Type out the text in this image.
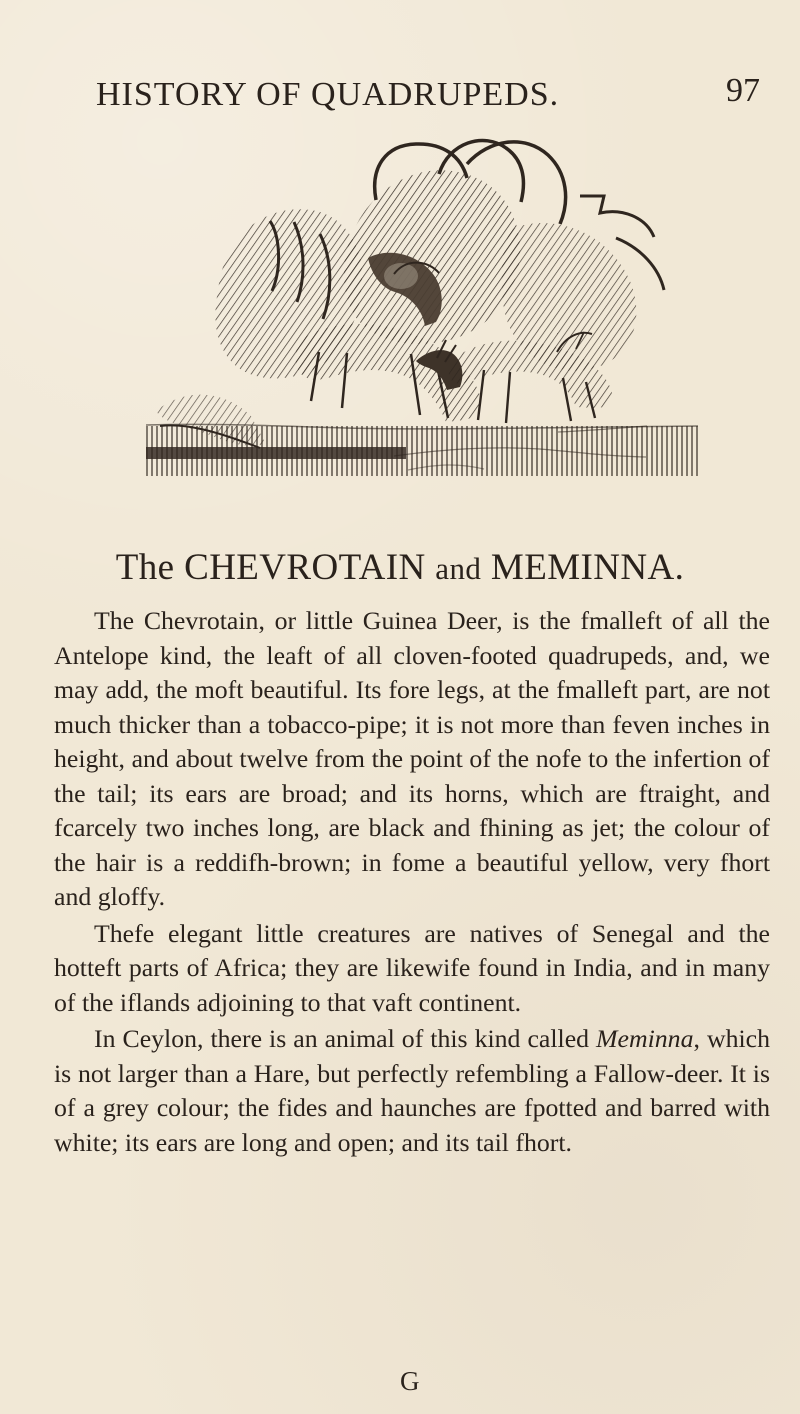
HISTORY OF QUADRUPEDS.	97
The CHEVROTAIN and MEMINNA.

The Chevrotain, or little Guinea Deer, is the fmalleft of all the Antelope kind, the leaft of all cloven-footed quadrupeds, and, we may add, the moft beautiful. Its fore legs, at the fmalleft part, are not much thicker than a tobacco-pipe; it is not more than feven inches in height, and about twelve from the point of the nofe to the infertion of the tail; its ears are broad; and its horns, which are ftraight, and fcarcely two inches long, are black and fhining as jet; the colour of the hair is a reddifh-brown; in fome a beautiful yellow, very fhort and gloffy.

Thefe elegant little creatures are natives of Senegal and the hotteft parts of Africa; they are likewife found in India, and in many of the iflands adjoining to that vaft continent.

In Ceylon, there is an animal of this kind called Meminna, which is not larger than a Hare, but perfectly refembling a Fallow-deer. It is of a grey colour; the fides and haunches are fpotted and barred with white; its ears are long and open; and its tail fhort.

G
